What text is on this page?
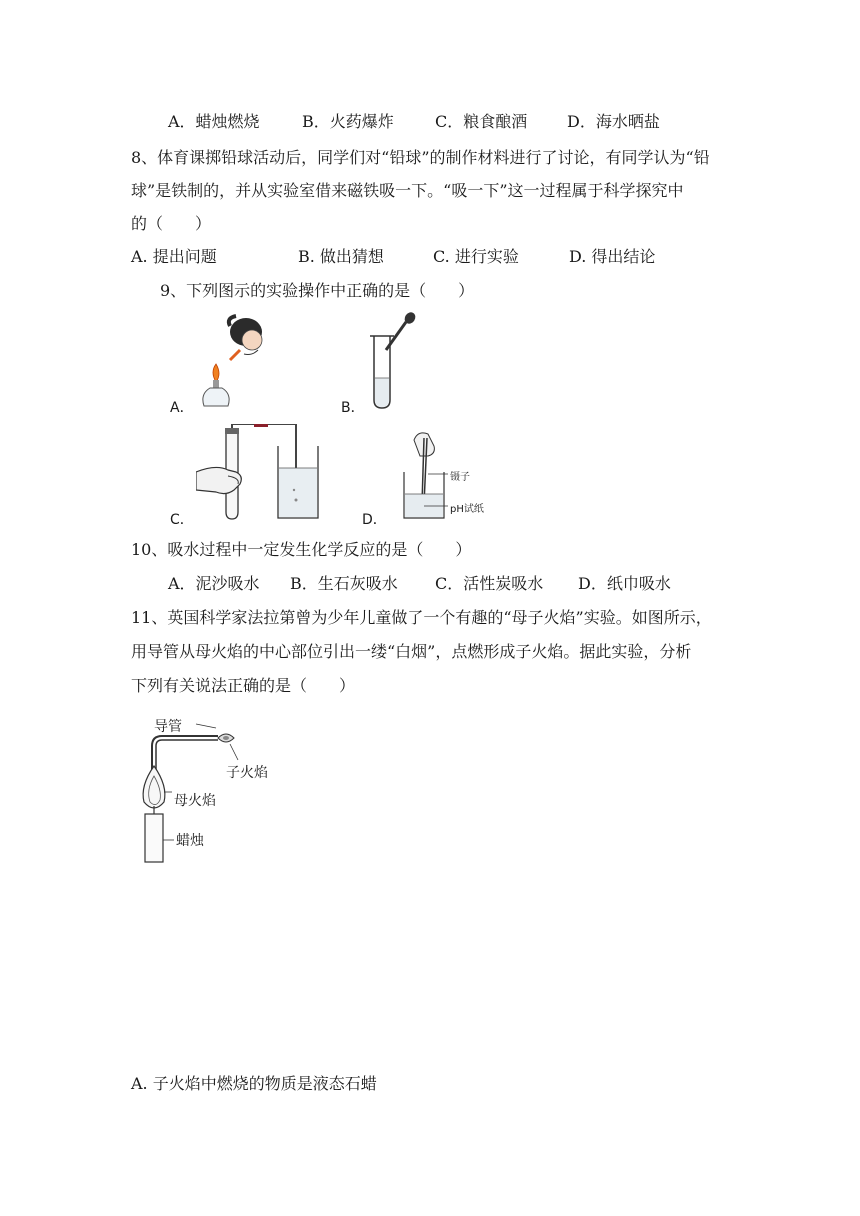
A．蜡烛燃烧	B．火药爆炸	C．粮食酿酒 D．海水晒盐
8、体育课掷铅球活动后，同学们对“铅球”的制作材料进行了讨论，有同学认为“铅
球”是铁制的，并从实验室借来磁铁吸一下。“吸一下”这一过程属于科学探究中
的（　　）
A. 提出问题	B. 做出猜想	C. 进行实验	D. 得出结论
9、下列图示的实验操作中正确的是（　　）
A．	B．
C．
镊子
pH试纸
D．
10、吸水过程中一定发生化学反应的是（　　）
A．泥沙吸水 B．生石灰吸水 C．活性炭吸水 D．纸巾吸水
11、英国科学家法拉第曾为少年儿童做了一个有趣的“母子火焰”实验。如图所示，
用导管从母火焰的中心部位引出一缕“白烟”，点燃形成子火焰。据此实验，分析
下列有关说法正确的是（　　）
导管
子火焰
母火焰
蜡烛
A. 子火焰中燃烧的物质是液态石蜡
